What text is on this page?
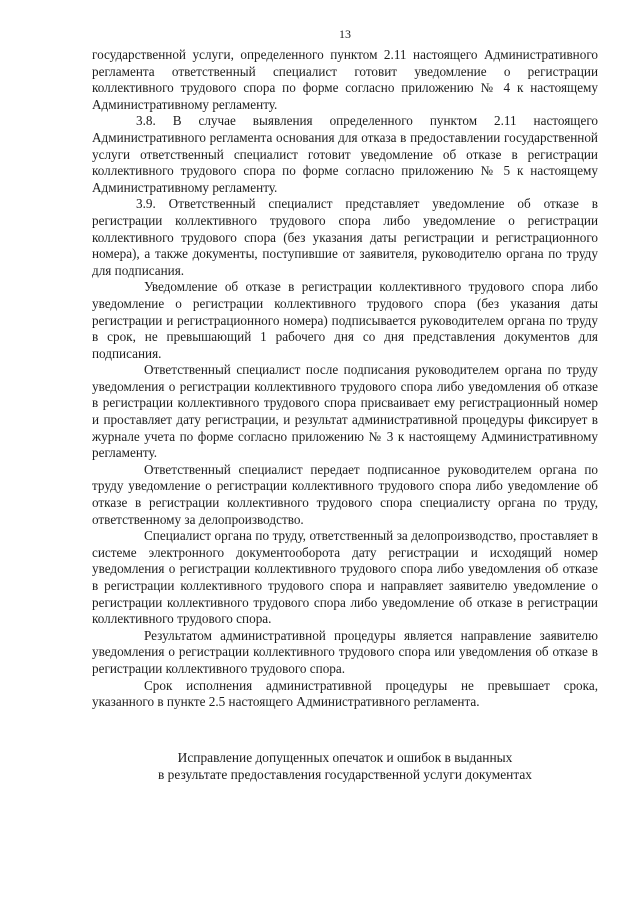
13

государственной услуги, определенного пунктом 2.11 настоящего Административного регламента ответственный специалист готовит уведомление о регистрации коллективного трудового спора по форме согласно приложению № 4 к настоящему Административному регламенту.

3.8. В случае выявления определенного пунктом 2.11 настоящего Административного регламента основания для отказа в предоставлении государственной услуги ответственный специалист готовит уведомление об отказе в регистрации коллективного трудового спора по форме согласно приложению № 5 к настоящему Административному регламенту.

3.9. Ответственный специалист представляет уведомление об отказе в регистрации коллективного трудового спора либо уведомление о регистрации коллективного трудового спора (без указания даты регистрации и регистрационного номера), а также документы, поступившие от заявителя, руководителю органа по труду для подписания.

Уведомление об отказе в регистрации коллективного трудового спора либо уведомление о регистрации коллективного трудового спора (без указания даты регистрации и регистрационного номера) подписывается руководителем органа по труду в срок, не превышающий 1 рабочего дня со дня представления документов для подписания.

Ответственный специалист после подписания руководителем органа по труду уведомления о регистрации коллективного трудового спора либо уведомления об отказе в регистрации коллективного трудового спора присваивает ему регистрационный номер и проставляет дату регистрации, и результат административной процедуры фиксирует в журнале учета по форме согласно приложению № 3 к настоящему Административному регламенту.

Ответственный специалист передает подписанное руководителем органа по труду уведомление о регистрации коллективного трудового спора либо уведомление об отказе в регистрации коллективного трудового спора специалисту органа по труду, ответственному за делопроизводство.

Специалист органа по труду, ответственный за делопроизводство, проставляет в системе электронного документооборота дату регистрации и исходящий номер уведомления о регистрации коллективного трудового спора либо уведомления об отказе в регистрации коллективного трудового спора и направляет заявителю уведомление о регистрации коллективного трудового спора либо уведомление об отказе в регистрации коллективного трудового спора.

Результатом административной процедуры является направление заявителю уведомления о регистрации коллективного трудового спора или уведомления об отказе в регистрации коллективного трудового спора.

Срок исполнения административной процедуры не превышает срока, указанного в пункте 2.5 настоящего Административного регламента.

Исправление допущенных опечаток и ошибок в выданных
в результате предоставления государственной услуги документах
